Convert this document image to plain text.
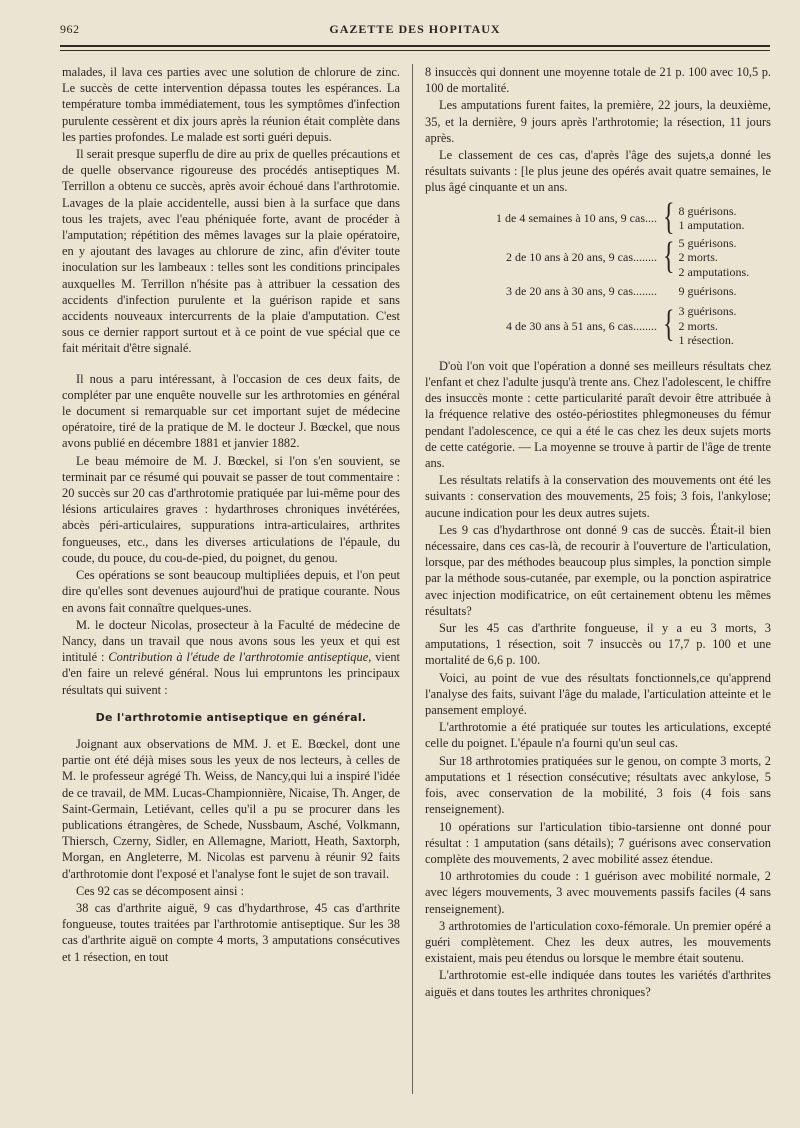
962	GAZETTE DES HOPITAUX

malades, il lava ces parties avec une solution de chlorure de zinc. Le succès de cette intervention dépassa toutes les espérances. La température tomba immédiatement, tous les symptômes d'infection purulente cessèrent et dix jours après la réunion était complète dans les parties profondes. Le malade est sorti guéri depuis.

Il serait presque superflu de dire au prix de quelles précautions et de quelle observance rigoureuse des procédés antiseptiques M. Terrillon a obtenu ce succès, après avoir échoué dans l'arthrotomie. Lavages de la plaie accidentelle, aussi bien à la surface que dans tous les trajets, avec l'eau phéniquée forte, avant de procéder à l'amputation; répétition des mêmes lavages sur la plaie opératoire, en y ajoutant des lavages au chlorure de zinc, afin d'éviter toute inoculation sur les lambeaux : telles sont les conditions principales auxquelles M. Terrillon n'hésite pas à attribuer la cessation des accidents d'infection purulente et la guérison rapide et sans accidents nouveaux intercurrents de la plaie d'amputation. C'est sous ce dernier rapport surtout et à ce point de vue spécial que ce fait méritait d'être signalé.

Il nous a paru intéressant, à l'occasion de ces deux faits, de compléter par une enquête nouvelle sur les arthrotomies en général le document si remarquable sur cet important sujet de médecine opératoire, tiré de la pratique de M. le docteur J. Bœckel, que nous avons publié en décembre 1881 et janvier 1882.

Le beau mémoire de M. J. Bœckel, si l'on s'en souvient, se terminait par ce résumé qui pouvait se passer de tout commentaire : 20 succès sur 20 cas d'arthrotomie pratiquée par lui-même pour des lésions articulaires graves : hydarthroses chroniques invétérées, abcès péri-articulaires, suppurations intra-articulaires, arthrites fongueuses, etc., dans les diverses articulations de l'épaule, du coude, du pouce, du cou-de-pied, du poignet, du genou.

Ces opérations se sont beaucoup multipliées depuis, et l'on peut dire qu'elles sont devenues aujourd'hui de pratique courante. Nous en avons fait connaître quelques-unes.

M. le docteur Nicolas, prosecteur à la Faculté de médecine de Nancy, dans un travail que nous avons sous les yeux et qui est intitulé : Contribution à l'étude de l'arthrotomie antiseptique, vient d'en faire un relevé général. Nous lui empruntons les principaux résultats qui suivent :

De l'arthrotomie antiseptique en général.

Joignant aux observations de MM. J. et E. Bœckel, dont une partie ont été déjà mises sous les yeux de nos lecteurs, à celles de M. le professeur agrégé Th. Weiss, de Nancy,qui lui a inspiré l'idée de ce travail, de MM. Lucas-Championnière, Nicaise, Th. Anger, de Saint-Germain, Letiévant, celles qu'il a pu se procurer dans les publications étrangères, de Schede, Nussbaum, Asché, Volkmann, Thiersch, Czerny, Sidler, en Allemagne, Mariott, Heath, Saxtorph, Morgan, en Angleterre, M. Nicolas est parvenu à réunir 92 faits d'arthrotomie dont l'exposé et l'analyse font le sujet de son travail.

Ces 92 cas se décomposent ainsi :

38 cas d'arthrite aiguë, 9 cas d'hydarthrose, 45 cas d'arthrite fongueuse, toutes traitées par l'arthrotomie antiseptique. Sur les 38 cas d'arthrite aiguë on compte 4 morts, 3 amputations consécutives et 1 résection, en tout

8 insuccès qui donnent une moyenne totale de 21 p. 100 avec 10,5 p. 100 de mortalité.

Les amputations furent faites, la première, 22 jours, la deuxième, 35, et la dernière, 9 jours après l'arthrotomie; la résection, 11 jours après.

Le classement de ces cas, d'après l'âge des sujets,a donné les résultats suivants : [le plus jeune des opérés avait quatre semaines, le plus âgé cinquante et un ans.

1 de 4 semaines à 10 ans, 9 cas.... { 8 guérisons.
1 amputation.
2 de 10 ans à 20 ans, 9 cas........ { 5 guérisons.
2 morts.
2 amputations.
3 de 20 ans à 30 ans, 9 cas........	9 guérisons.
4 de 30 ans à 51 ans, 6 cas........ { 3 guérisons.
2 morts.
1 résection.

D'où l'on voit que l'opération a donné ses meilleurs résultats chez l'enfant et chez l'adulte jusqu'à trente ans. Chez l'adolescent, le chiffre des insuccès monte : cette particularité paraît devoir être attribuée à la fréquence relative des ostéo-périostites phlegmoneuses du fémur pendant l'adolescence, ce qui a été le cas chez les deux sujets morts de cette catégorie. — La moyenne se trouve à partir de l'âge de trente ans.

Les résultats relatifs à la conservation des mouvements ont été les suivants : conservation des mouvements, 25 fois; 3 fois, l'ankylose; aucune indication pour les deux autres sujets.

Les 9 cas d'hydarthrose ont donné 9 cas de succès. Était-il bien nécessaire, dans ces cas-là, de recourir à l'ouverture de l'articulation, lorsque, par des méthodes beaucoup plus simples, la ponction simple par la méthode sous-cutanée, par exemple, ou la ponction aspiratrice avec injection modificatrice, on eût certainement obtenu les mêmes résultats?

Sur les 45 cas d'arthrite fongueuse, il y a eu 3 morts, 3 amputations, 1 résection, soit 7 insuccès ou 17,7 p. 100 et une mortalité de 6,6 p. 100.

Voici, au point de vue des résultats fonctionnels,ce qu'apprend l'analyse des faits, suivant l'âge du malade, l'articulation atteinte et le pansement employé.

L'arthrotomie a été pratiquée sur toutes les articulations, excepté celle du poignet. L'épaule n'a fourni qu'un seul cas.

Sur 18 arthrotomies pratiquées sur le genou, on compte 3 morts, 2 amputations et 1 résection consécutive; résultats avec ankylose, 5 fois, avec conservation de la mobilité, 3 fois (4 fois sans renseignement).

10 opérations sur l'articulation tibio-tarsienne ont donné pour résultat : 1 amputation (sans détails); 7 guérisons avec conservation complète des mouvements, 2 avec mobilité assez étendue.

10 arthrotomies du coude : 1 guérison avec mobilité normale, 2 avec légers mouvements, 3 avec mouvements passifs faciles (4 sans renseignement).

3 arthrotomies de l'articulation coxo-fémorale. Un premier opéré a guéri complètement. Chez les deux autres, les mouvements existaient, mais peu étendus ou lorsque le membre était soutenu.

L'arthrotomie est-elle indiquée dans toutes les variétés d'arthrites aiguës et dans toutes les arthrites chroniques?
